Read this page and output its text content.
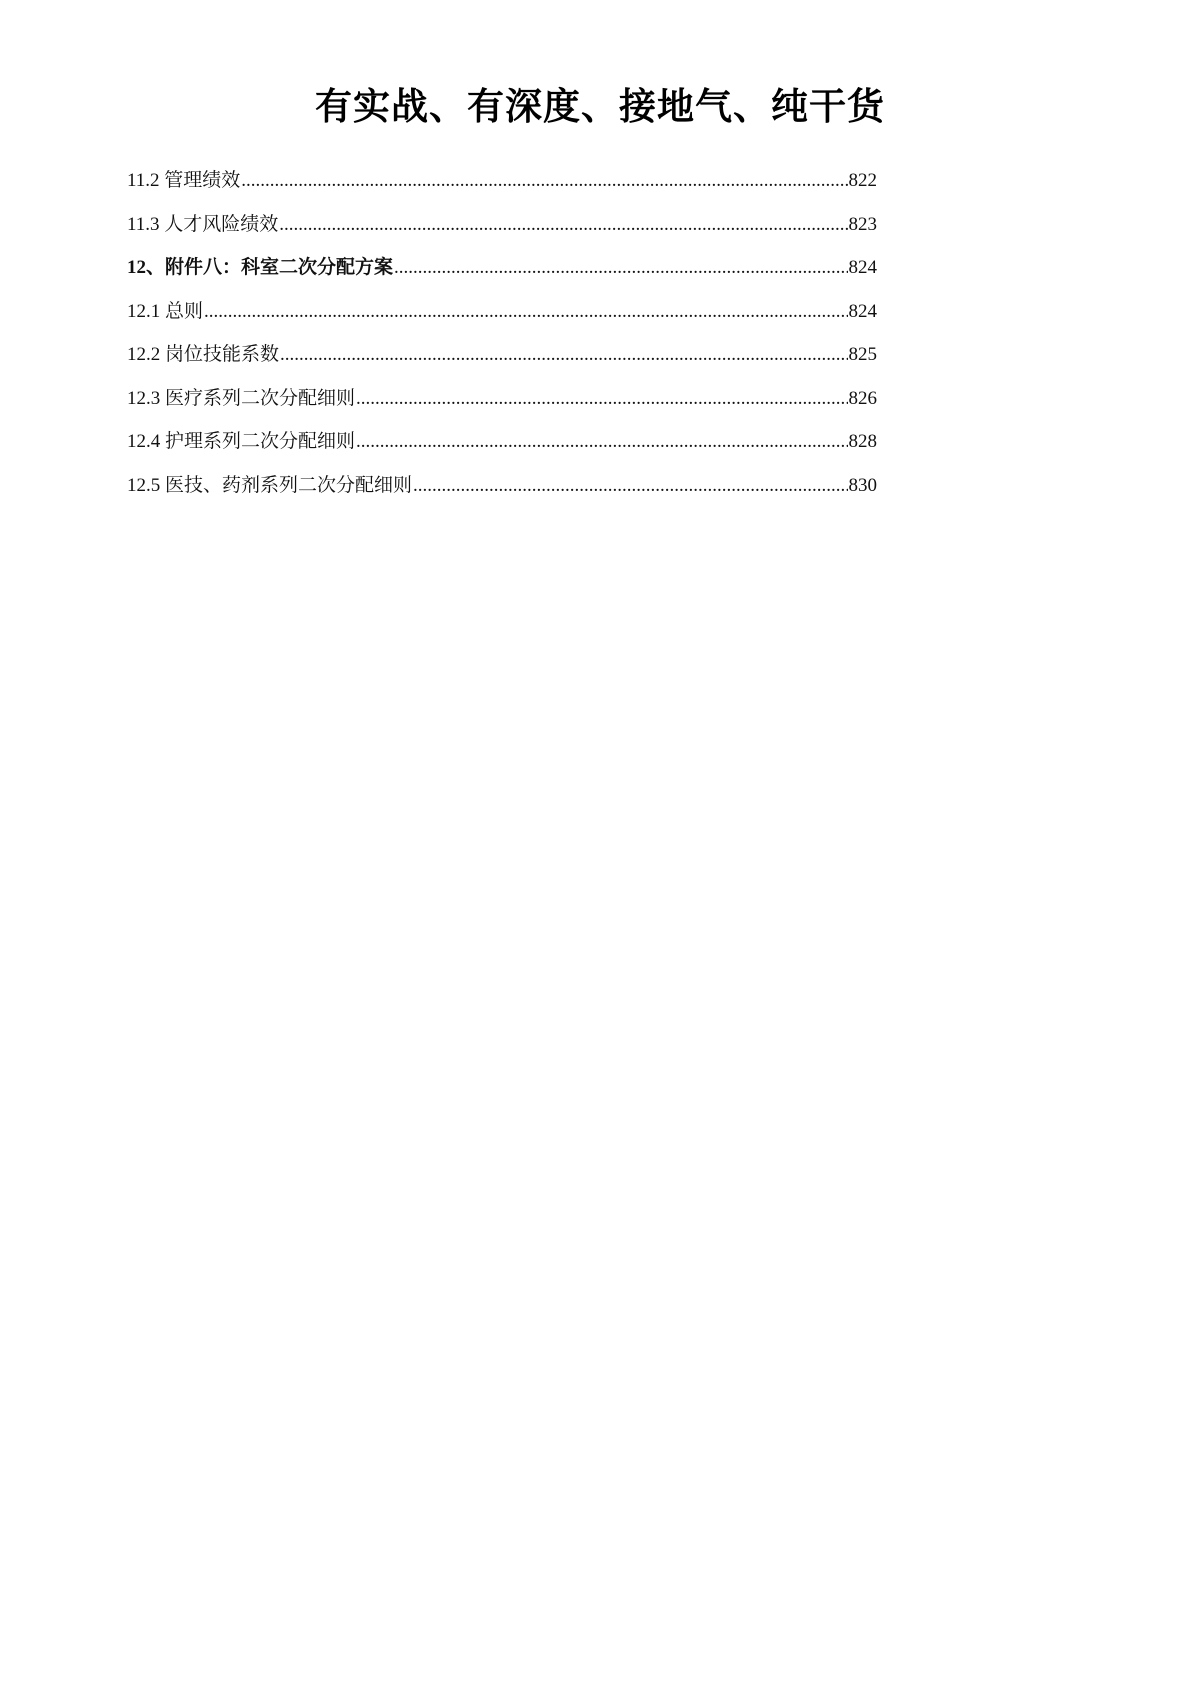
有实战、有深度、接地气、纯干货
11.2 管理绩效 .....	822
11.3 人才风险绩效 .....	823
12、附件八：科室二次分配方案 .....	824
12.1 总则 .....	824
12.2 岗位技能系数 .....	825
12.3 医疗系列二次分配细则 .....	826
12.4 护理系列二次分配细则 .....	828
12.5 医技、药剂系列二次分配细则 .....	830
